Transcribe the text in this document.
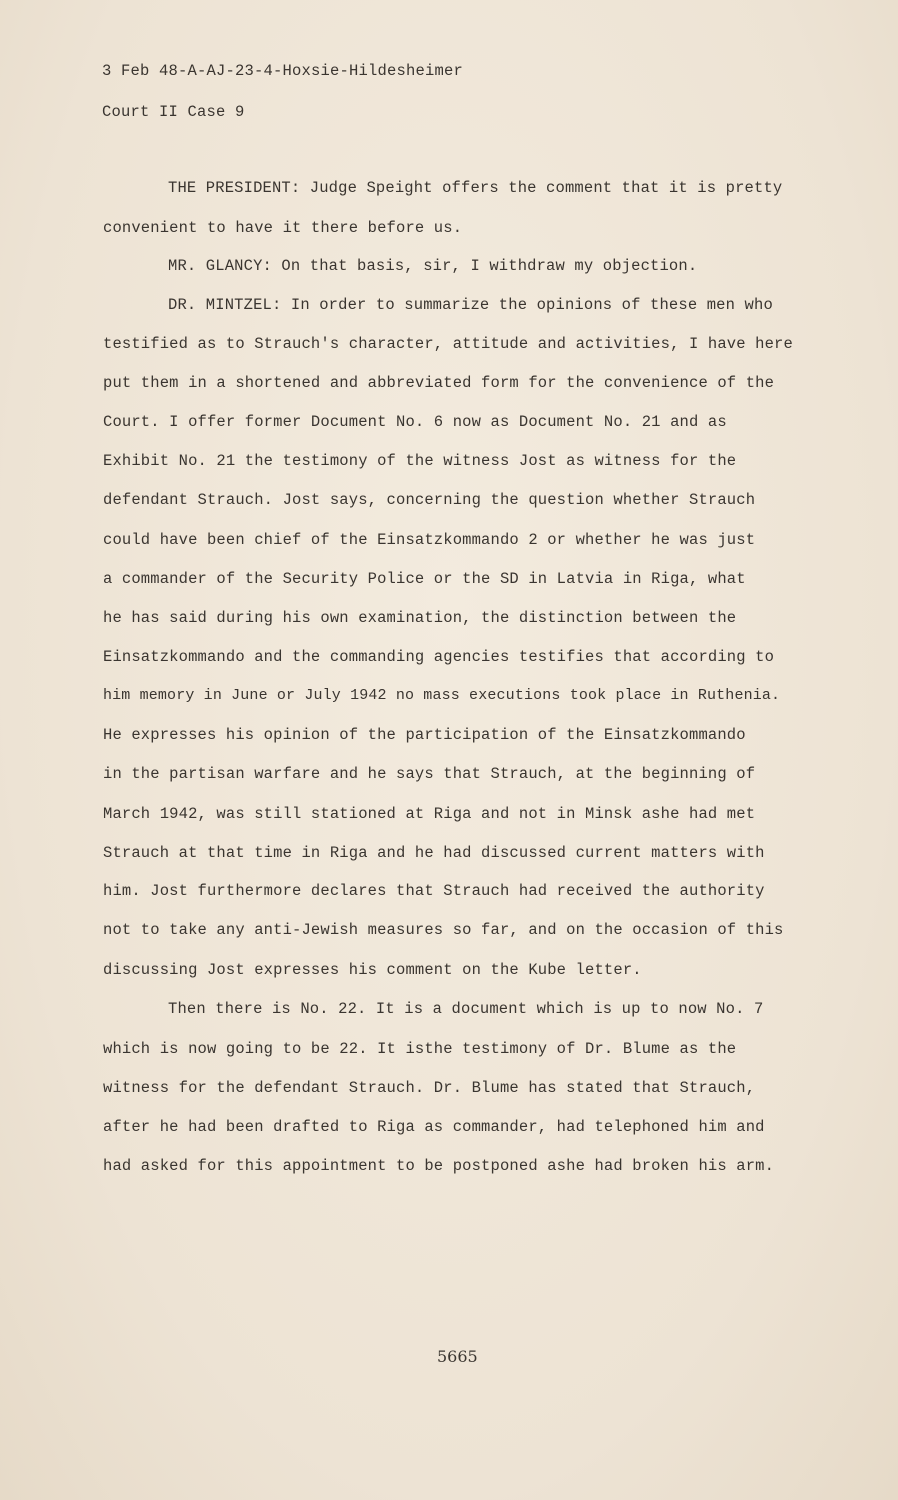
3 Feb 48-A-AJ-23-4-Hoxsie-Hildesheimer
Court II Case 9
THE PRESIDENT: Judge Speight offers the comment that it is pretty
convenient to have it there before us.
MR. GLANCY: On that basis, sir, I withdraw my objection.
DR. MINTZEL: In order to summarize the opinions of these men who
testified as to Strauch's character, attitude and activities, I have here
put them in a shortened and abbreviated form for the convenience of the
Court. I offer former Document No. 6 now as Document No. 21 and as
Exhibit No. 21 the testimony of the witness Jost as witness for the
defendant Strauch. Jost says, concerning the question whether Strauch
could have been chief of the Einsatzkommando 2 or whether he was just
a commander of the Security Police or the SD in Latvia in Riga, what
he has said during his own examination, the distinction between the
Einsatzkommando and the commanding agencies testifies that according to
him memory in June or July 1942 no mass executions took place in Ruthenia.
He expresses his opinion of the participation of the Einsatzkommando
in the partisan warfare and he says that Strauch, at the beginning of
March 1942, was still stationed at Riga and not in Minsk ashe had met
Strauch at that time in Riga and he had discussed current matters with
him. Jost furthermore declares that Strauch had received the authority
not to take any anti-Jewish measures so far, and on the occasion of this
discussing Jost expresses his comment on the Kube letter.
Then there is No. 22. It is a document which is up to now No. 7
which is now going to be 22. It isthe testimony of Dr. Blume as the
witness for the defendant Strauch. Dr. Blume has stated that Strauch,
after he had been drafted to Riga as commander, had telephoned him and
had asked for this appointment to be postponed ashe had broken his arm.
5665
